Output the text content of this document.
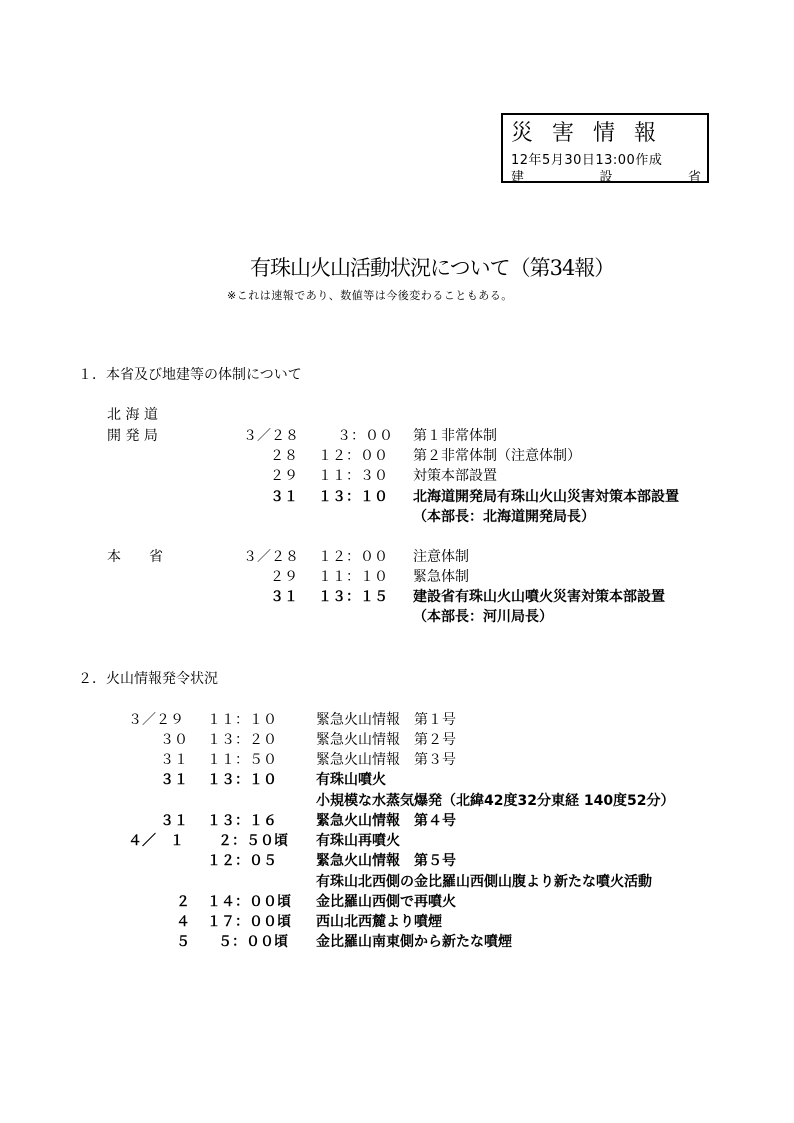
災害情報
12年5月30日13:00作成
建	設	省
有珠山火山活動状況について（第34報）
※これは速報であり、数値等は今後変わることもある。
１．本省及び地建等の体制について
北 海 道
開 発 局	３／２８	３：００ 第１非常体制
２８ １２：００ 第２非常体制（注意体制）
２９ １１：３０ 対策本部設置
３１ １３：１０ 北海道開発局有珠山火山災害対策本部設置
（本部長：北海道開発局長）
本　　省	３／２８ １２：００ 注意体制
２９ １１：１０ 緊急体制
３１ １３：１５ 建設省有珠山火山噴火災害対策本部設置
（本部長：河川局長）
２．火山情報発令状況
３／２９ １１：１０	緊急火山情報　第１号
３０ １３：２０	緊急火山情報　第２号
３１ １１：５０	緊急火山情報　第３号
３１ １３：１０	有珠山噴火
小規模な水蒸気爆発（北緯42度32分東経 140度52分）
３１ １３：１６	緊急火山情報　第４号
４／　１ ２：５０頃 有珠山再噴火
１２：０５	緊急火山情報　第５号
有珠山北西側の金比羅山西側山腹より新たな噴火活動
２ １４：００頃 金比羅山西側で再噴火
４ １７：００頃 西山北西麓より噴煙
５ ５：００頃 金比羅山南東側から新たな噴煙
